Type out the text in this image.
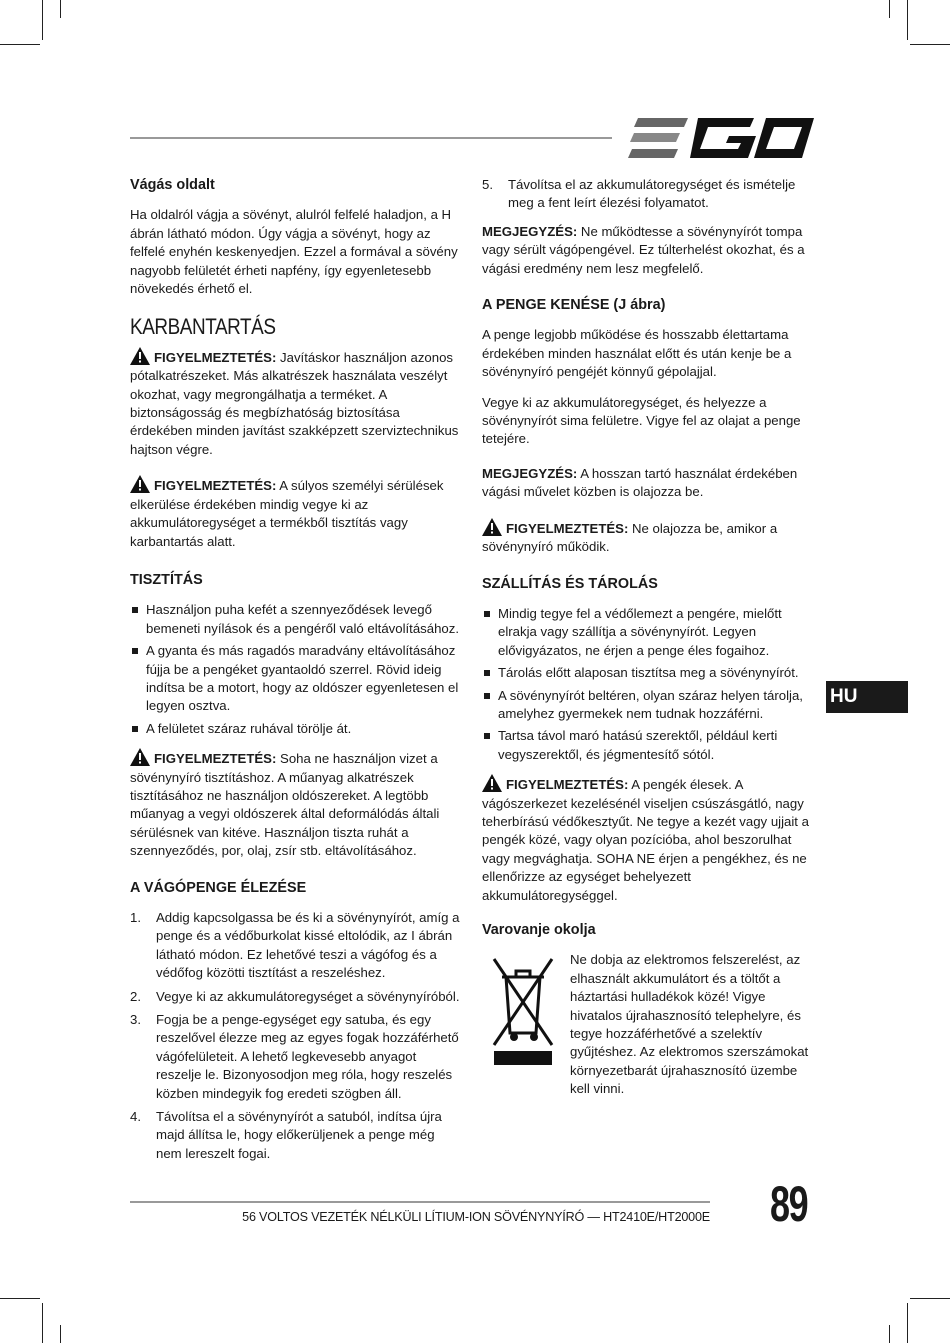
Vágás oldalt

Ha oldalról vágja a sövényt, alulról felfelé haladjon, a H ábrán látható módon. Úgy vágja a sövényt, hogy az felfelé enyhén keskenyedjen. Ezzel a formával a sövény nagyobb felületét érheti napfény, így egyenletesebb növekedés érhető el.

KARBANTARTÁS

FIGYELMEZTETÉS: Javításkor használjon azonos pótalkatrészeket. Más alkatrészek használata veszélyt okozhat, vagy megrongálhatja a terméket. A biztonságosság és megbízhatóság biztosítása érdekében minden javítást szakképzett szerviztechnikus hajtson végre.

FIGYELMEZTETÉS: A súlyos személyi sérülések elkerülése érdekében mindig vegye ki az akkumulátoregységet a termékből tisztítás vagy karbantartás alatt.

TISZTÍTÁS
Használjon puha kefét a szennyeződések levegő bemeneti nyílások és a pengéről való eltávolításához.
A gyanta és más ragadós maradvány eltávolításához fújja be a pengéket gyantaoldó szerrel. Rövid ideig indítsa be a motort, hogy az oldószer egyenletesen el legyen osztva.
A felületet száraz ruhával törölje át.

FIGYELMEZTETÉS: Soha ne használjon vizet a sövénynyíró tisztításhoz. A műanyag alkatrészek tisztításához ne használjon oldószereket. A legtöbb műanyag a vegyi oldószerek által deformálódás általi sérülésnek van kitéve. Használjon tiszta ruhát a szennyeződés, por, olaj, zsír stb. eltávolításához.

A VÁGÓPENGE ÉLEZÉSE
1. Addig kapcsolgassa be és ki a sövénynyírót, amíg a penge és a védőburkolat kissé eltolódik, az I ábrán látható módon. Ez lehetővé teszi a vágófog és a védőfog közötti tisztítást a reszeléshez.
2. Vegye ki az akkumulátoregységet a sövénynyíróból.
3. Fogja be a penge-egységet egy satuba, és egy reszelővel élezze meg az egyes fogak hozzáférhető vágófelületeit. A lehető legkevesebb anyagot reszelje le. Bizonyosodjon meg róla, hogy reszelés közben mindegyik fog eredeti szögben áll.
4. Távolítsa el a sövénynyírót a satuból, indítsa újra majd állítsa le, hogy előkerüljenek a penge még nem lereszelt fogai.
5. Távolítsa el az akkumulátoregységet és ismételje meg a fent leírt élezési folyamatot.

MEGJEGYZÉS: Ne működtesse a sövénynyírót tompa vagy sérült vágópengével. Ez túlterhelést okozhat, és a vágási eredmény nem lesz megfelelő.

A PENGE KENÉSE (J ábra)

A penge legjobb működése és hosszabb élettartama érdekében minden használat előtt és után kenje be a sövénynyíró pengéjét könnyű gépolajjal.

Vegye ki az akkumulátoregységet, és helyezze a sövénynyírót sima felületre. Vigye fel az olajat a penge tetejére.

MEGJEGYZÉS: A hosszan tartó használat érdekében vágási művelet közben is olajozza be.

FIGYELMEZTETÉS: Ne olajozza be, amikor a sövénynyíró működik.

SZÁLLÍTÁS ÉS TÁROLÁS
Mindig tegye fel a védőlemezt a pengére, mielőtt elrakja vagy szállítja a sövénynyírót. Legyen elővigyázatos, ne érjen a penge éles fogaihoz.
Tárolás előtt alaposan tisztítsa meg a sövénynyírót.
A sövénynyírót beltéren, olyan száraz helyen tárolja, amelyhez gyermekek nem tudnak hozzáférni.
Tartsa távol maró hatású szerektől, például kerti vegyszerektől, és jégmentesítő sótól.

FIGYELMEZTETÉS: A pengék élesek. A vágószerkezet kezelésénél viseljen csúszásgátló, nagy teherbírású védőkesztyűt. Ne tegye a kezét vagy ujjait a pengék közé, vagy olyan pozícióba, ahol beszorulhat vagy megvághatja. SOHA NE érjen a pengékhez, és ne ellenőrizze az egységet behelyezett akkumulátoregységgel.

Varovanje okolja
Ne dobja az elektromos felszerelést, az elhasznált akkumulátort és a töltőt a háztartási hulladékok közé! Vigye hivatalos újrahasznosító telephelyre, és tegye hozzáférhetővé a szelektív gyűjtéshez. Az elektromos szerszámokat környezetbarát újrahasznosító üzembe kell vinni.
HU
56 VOLTOS VEZETÉK NÉLKÜLI LÍTIUM-ION SÖVÉNYNYÍRÓ — HT2410E/HT2000E 89
